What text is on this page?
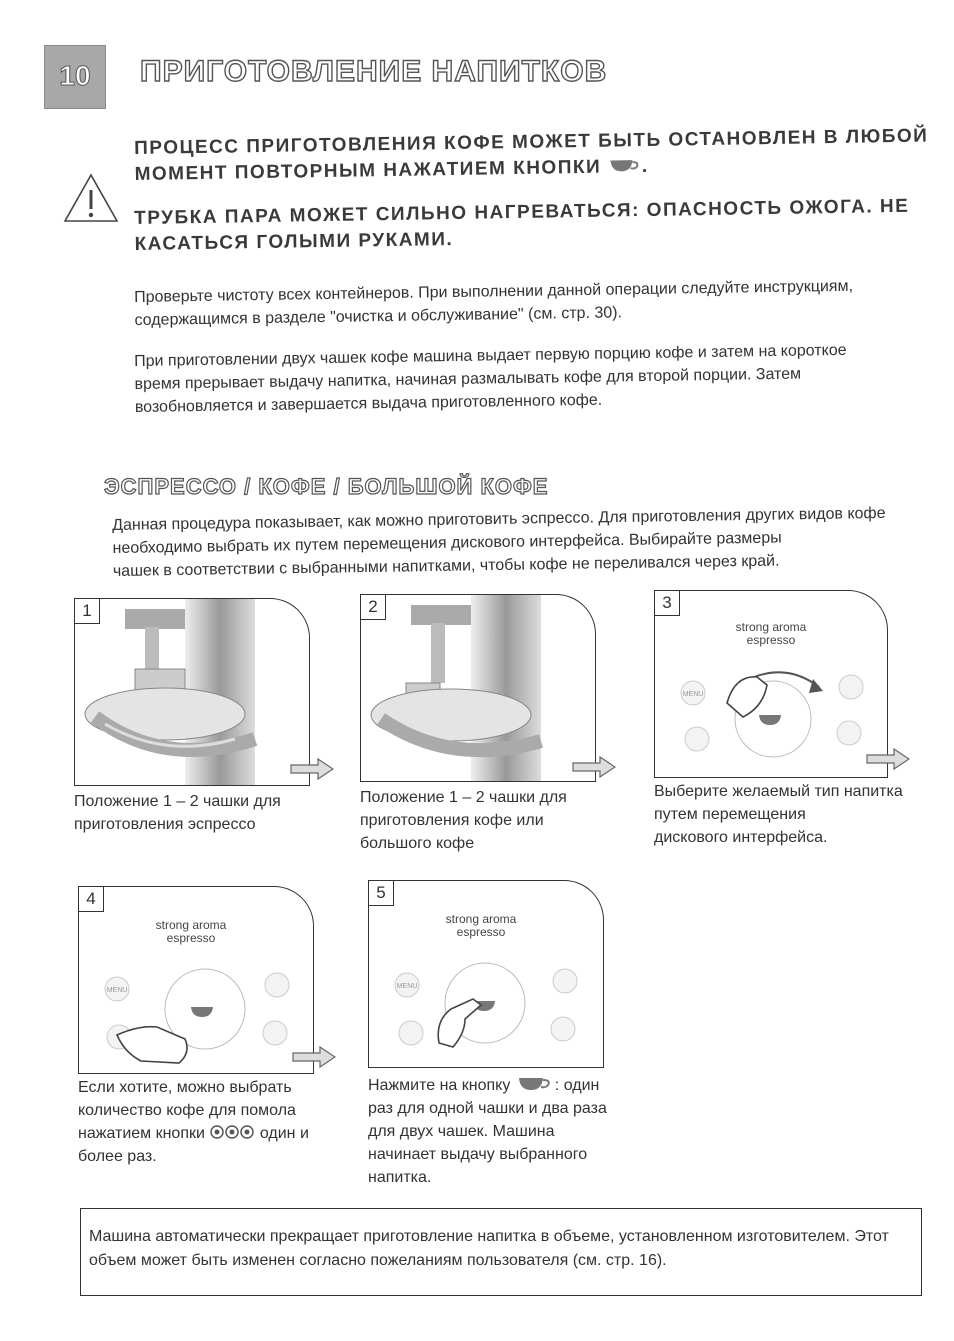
10	ПРИГОТОВЛЕНИЕ НАПИТКОВ
ПРОЦЕСС ПРИГОТОВЛЕНИЯ КОФЕ МОЖЕТ БЫТЬ ОСТАНОВЛЕН В ЛЮБОЙ
МОМЕНТ ПОВТОРНЫМ НАЖАТИЕМ КНОПКИ .
ТРУБКА ПАРА МОЖЕТ СИЛЬНО НАГРЕВАТЬСЯ: ОПАСНОСТЬ ОЖОГА. НЕ
КАСАТЬСЯ ГОЛЫМИ РУКАМИ.
Проверьте чистоту всех контейнеров. При выполнении данной операции следуйте инструкциям,
содержащимся в разделе "очистка и обслуживание" (см. стр. 30).
При приготовлении двух чашек кофе машина выдает первую порцию кофе и затем на короткое
время прерывает выдачу напитка, начиная размалывать кофе для второй порции. Затем
возобновляется и завершается выдача приготовленного кофе.
ЭСПРЕССО / КОФЕ / БОЛЬШОЙ КОФЕ
Данная процедура показывает, как можно приготовить эспрессо. Для приготовления других видов кофе
необходимо выбрать их путем перемещения дискового интерфейса. Выбирайте размеры
чашек в соответствии с выбранными напитками, чтобы кофе не переливался через край.
1
Положение 1 – 2 чашки для
приготовления эспрессо
2
Положение 1 – 2 чашки для
приготовления кофе или
большого кофе
strong aroma
espresso
MENU
3
Выберите желаемый тип напитка
путем перемещения
дискового интерфейса.
strong aroma
espresso
MENU
4
Если хотите, можно выбрать
количество кофе для помола
нажатием кнопки	один и
более раз.
strong aroma
espresso
MENU
5
Нажмите на кнопку	: один
раз для одной чашки и два раза
для двух чашек. Машина
начинает выдачу выбранного
напитка.
Машина автоматически прекращает приготовление напитка в объеме, установленном изготовителем. Этот
объем может быть изменен согласно пожеланиям пользователя (см. стр. 16).
